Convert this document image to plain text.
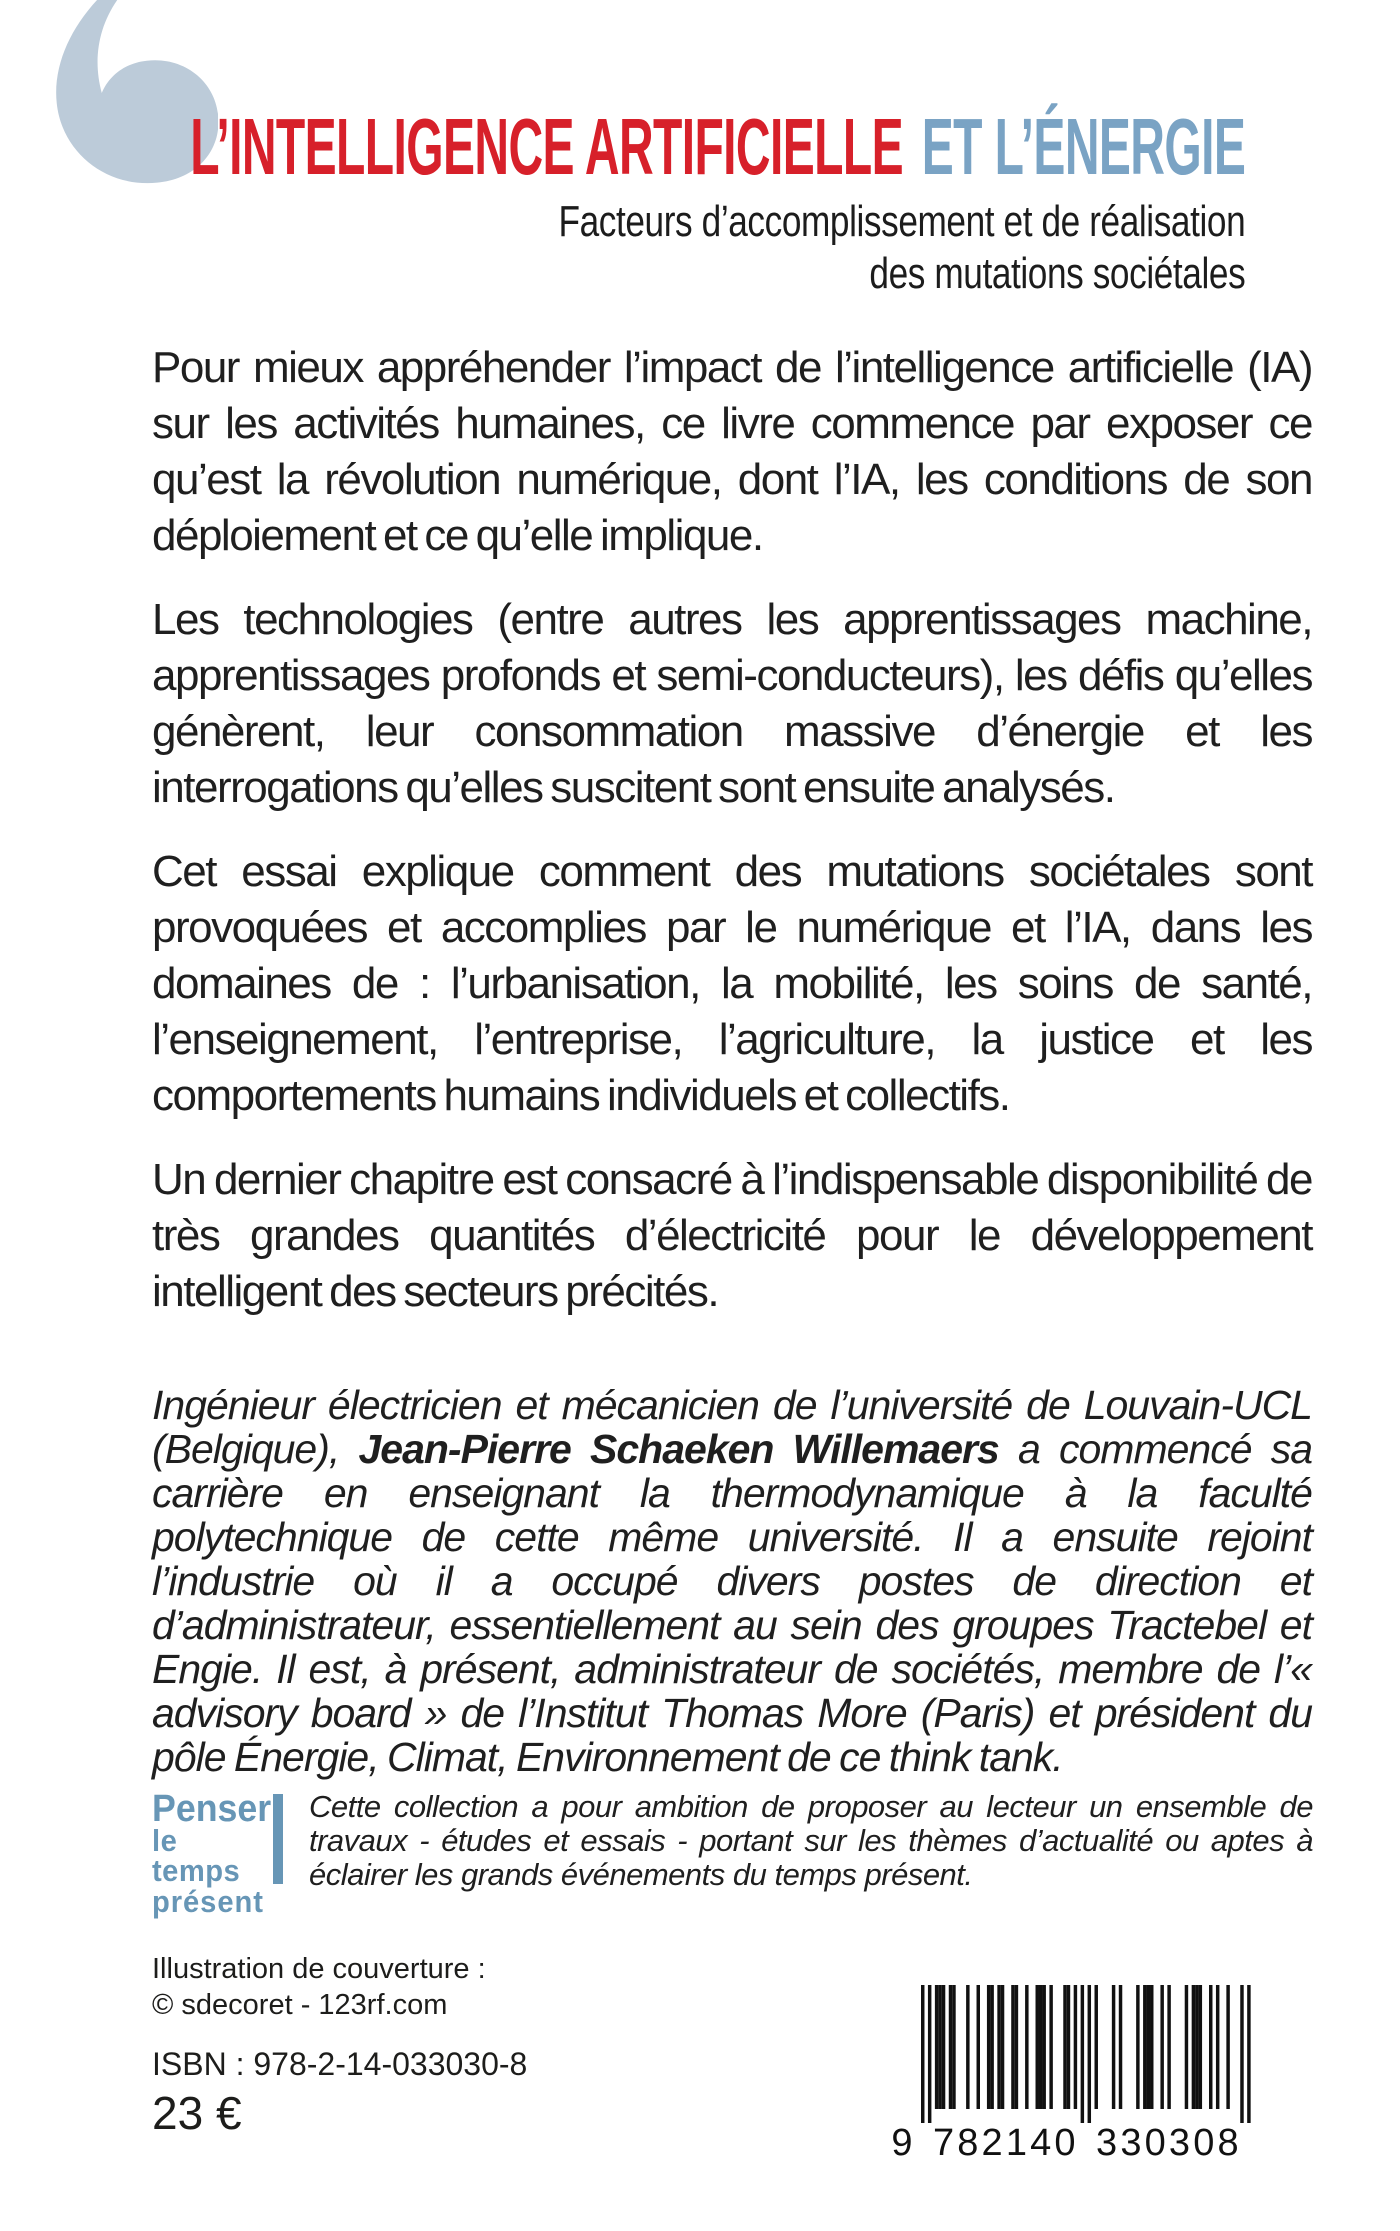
L’INTELLIGENCE ARTIFICIELLE ET L’ÉNERGIE
Facteurs d’accomplissement et de réalisation
des mutations sociétales

Pour mieux appréhender l’impact de l’intelligence artificielle (IA) sur les activités humaines, ce livre commence par exposer ce qu’est la révolution numérique, dont l’IA, les conditions de son déploiement et ce qu’elle implique.

Les technologies (entre autres les apprentissages machine, apprentissages profonds et semi-conducteurs), les défis qu’elles génèrent, leur consommation massive d’énergie et les interrogations qu’elles suscitent sont ensuite analysés.

Cet essai explique comment des mutations sociétales sont provoquées et accomplies par le numérique et l’IA, dans les domaines de : l’urbanisation, la mobilité, les soins de santé, l’enseignement, l’entreprise, l’agriculture, la justice et les comportements humains individuels et collectifs.

Un dernier chapitre est consacré à l’indispensable disponibilité de très grandes quantités d’électricité pour le développement intelligent des secteurs précités.

Ingénieur électricien et mécanicien de l’université de Louvain-UCL (Belgique), Jean-Pierre Schaeken Willemaers a commencé sa carrière en enseignant la thermodynamique à la faculté polytechnique de cette même université. Il a ensuite rejoint l’industrie où il a occupé divers postes de direction et d’administrateur, essentiellement au sein des groupes Tractebel et Engie. Il est, à présent, administrateur de sociétés, membre de l’« advisory board » de l’Institut Thomas More (Paris) et président du pôle Énergie, Climat, Environnement de ce think tank.
Penser
le temps
présent
Cette collection a pour ambition de proposer au lecteur un ensemble de travaux - études et essais - portant sur les thèmes d’actualité ou aptes à éclairer les grands événements du temps présent.
Illustration de couverture :
© sdecoret - 123rf.com
ISBN : 978-2-14-033030-8
23 €
9 7 8 2 1 4 0 3 3 0 3 0 8
